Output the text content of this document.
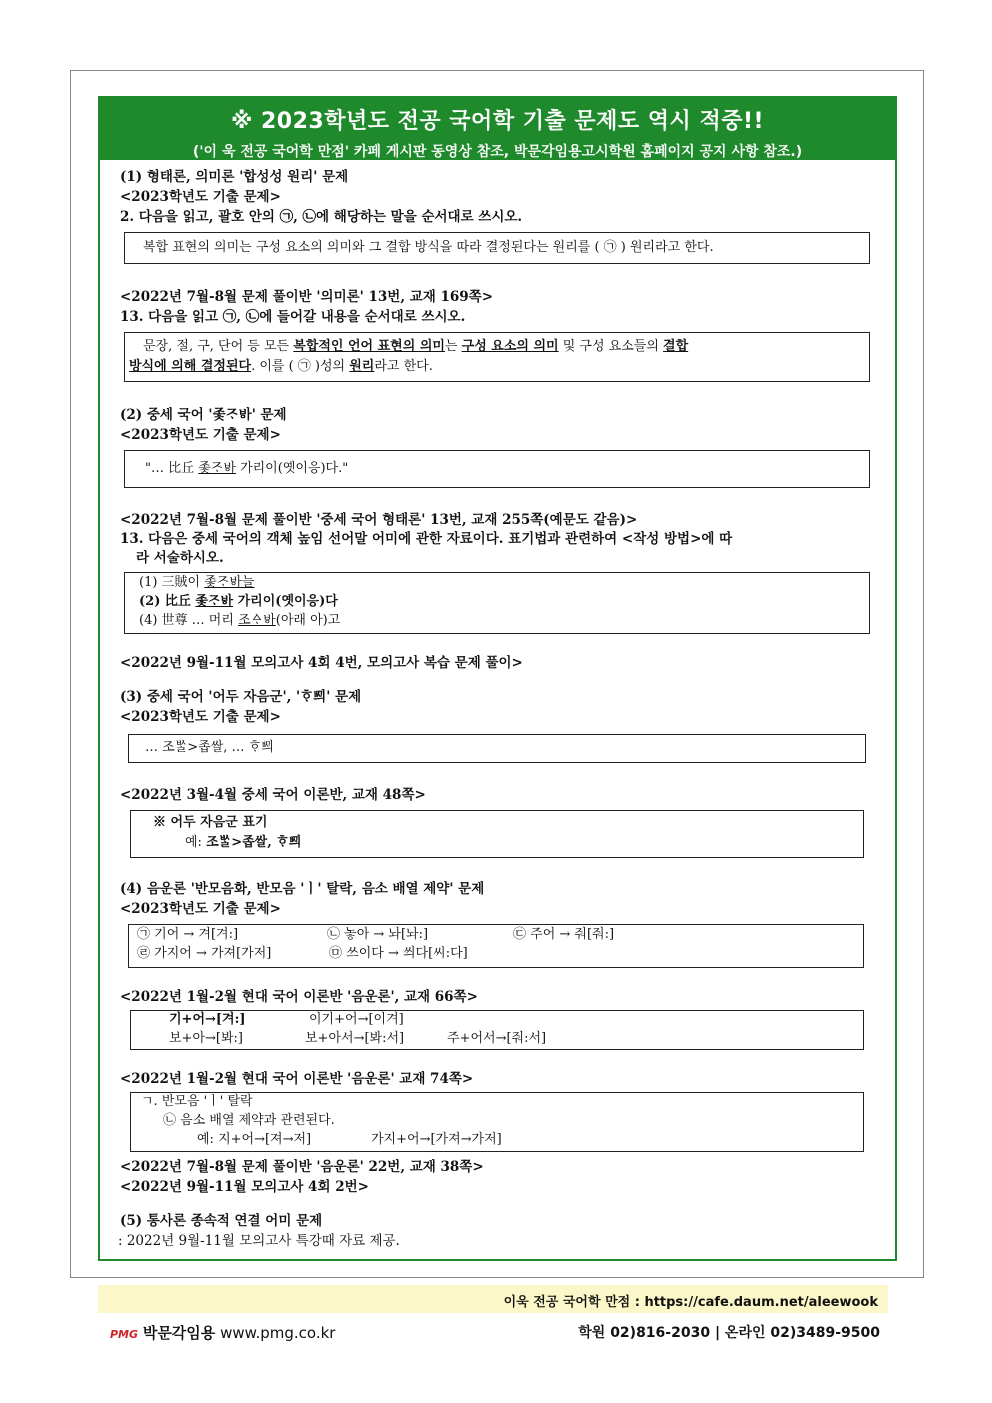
※ 2023학년도 전공 국어학 기출 문제도 역시 적중!!
('이 욱 전공 국어학 만점' 카페 게시판 동영상 참조, 박문각임용고시학원 홈페이지 공지 사항 참조.)
(1) 형태론, 의미론 '합성성 원리' 문제
<2023학년도 기출 문제>
2. 다음을 읽고, 괄호 안의 ㉠, ㉡에 해당하는 말을 순서대로 쓰시오.
복합 표현의 의미는 구성 요소의 의미와 그 결합 방식을 따라 결정된다는 원리를 ( ㉠ ) 원리라고 한다.
<2022년 7월-8월 문제 풀이반 '의미론' 13번, 교재 169쪽>
13. 다음을 읽고 ㉠, ㉡에 들어갈 내용을 순서대로 쓰시오.
문장, 절, 구, 단어 등 모든 복합적인 언어 표현의 의미는 구성 요소의 의미 및 구성 요소들의 결합
방식에 의해 결정된다. 이를 ( ㉠ )성의 원리라고 한다.
(2) 중세 국어 '좇ᄌᆞᄫᅡ' 문제
<2023학년도 기출 문제>
"… 比丘 좇ᄌᆞᄫᅡ 가리이(옛이응)다."
<2022년 7월-8월 문제 풀이반 '중세 국어 형태론' 13번, 교재 255쪽(예문도 같음)>
13. 다음은 중세 국어의 객체 높임 선어말 어미에 관한 자료이다. 표기법과 관련하여 <작성 방법>에 따
라 서술하시오.
(1) 三賊이 좇ᄌᆞᄫᅡ늘
(2) 比丘 좇ᄌᆞᄫᅡ 가리이(옛이응)다
(4) 世尊 … 머리 조ᅀᆞᄫᅡ(아래 아)고
<2022년 9월-11월 모의고사 4회 4번, 모의고사 복습 문제 풀이>
(3) 중세 국어 '어두 자음군', 'ᄒᆞᄢᅴ' 문제
<2023학년도 기출 문제>
… 조ᄡᆞᆯ>좁쌀, … ᄒᆞᄢᅴ
<2022년 3월-4월 중세 국어 이론반, 교재 48쪽>
※ 어두 자음군 표기
예: 조ᄡᆞᆯ>좁쌀, ᄒᆞᄢᅴ
(4) 음운론 '반모음화, 반모음 'ㅣ' 탈락, 음소 배열 제약' 문제
<2023학년도 기출 문제>
㉠ 기어 → 겨[겨:]	㉡ 놓아 → 놔[놔:]	㉢ 주어 → 줘[줘:]
㉣ 가지어 → 가져[가저]	㉤ 쓰이다 → 씌다[씨:다]
<2022년 1월-2월 현대 국어 이론반 '음운론', 교재 66쪽>
기+어→[겨:]	이기+어→[이겨]
보+아→[봐:]	보+아서→[봐:서]	주+어서→[줘:서]
<2022년 1월-2월 현대 국어 이론반 '음운론' 교재 74쪽>
ㄱ. 반모음 'ㅣ' 탈락
㉡ 음소 배열 제약과 관련된다.
예: 지+어→[져→저]	가지+어→[가져→가저]
<2022년 7월-8월 문제 풀이반 '음운론' 22번, 교재 38쪽>
<2022년 9월-11월 모의고사 4회 2번>
(5) 통사론 종속적 연결 어미 문제
: 2022년 9월-11월 모의고사 특강때 자료 제공.
이욱 전공 국어학 만점 : https://cafe.daum.net/aleewook
PMG 박문각임용 www.pmg.co.kr	학원 02)816-2030 | 온라인 02)3489-9500
